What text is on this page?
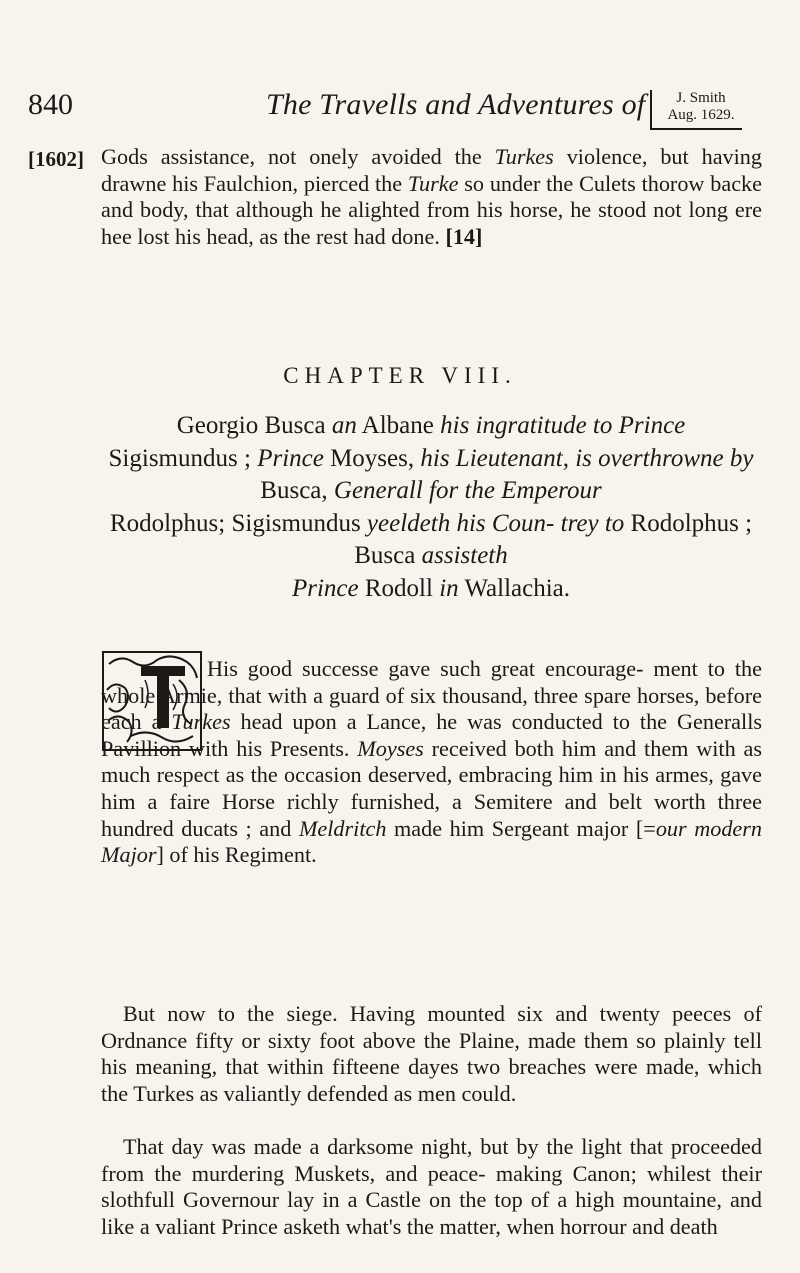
840	The Travells and Adventures of	J. Smith
Aug. 1629.
[1602] Gods assistance, not onely avoided the Turkes violence, but having drawne his Faulchion, pierced the Turke so under the Culets thorow backe and body, that although he alighted from his horse, he stood not long ere hee lost his head, as the rest had done. [14]
CHAPTER VIII.
Georgio Busca an Albane his ingratitude to Prince
Sigismundus ; Prince Moyses, his Lieutenant, is overthrowne by Busca, Generall for the Emperour
Rodolphus; Sigismundus yeeldeth his Coun- trey to Rodolphus ; Busca assisteth
Prince Rodoll in Wallachia.
His good successe gave such great encourage- ment to the whole Armie, that with a guard of six thousand, three spare horses, before each a Turkes head upon a Lance, he was conducted to the Generalls Pavillion with his Presents. Moyses received both him and them with as much respect as the occasion deserved, embracing him in his armes, gave him a faire Horse richly furnished, a Semitere and belt worth three hundred ducats ; and Meldritch made him Sergeant major [=our modern Major] of his Regiment.
But now to the siege. Having mounted six and twenty peeces of Ordnance fifty or sixty foot above the Plaine, made them so plainly tell his meaning, that within fifteene dayes two breaches were made, which the Turkes as valiantly defended as men could.
That day was made a darksome night, but by the light that proceeded from the murdering Muskets, and peace- making Canon; whilest their slothfull Governour lay in a Castle on the top of a high mountaine, and like a valiant Prince asketh what's the matter, when horrour and death
